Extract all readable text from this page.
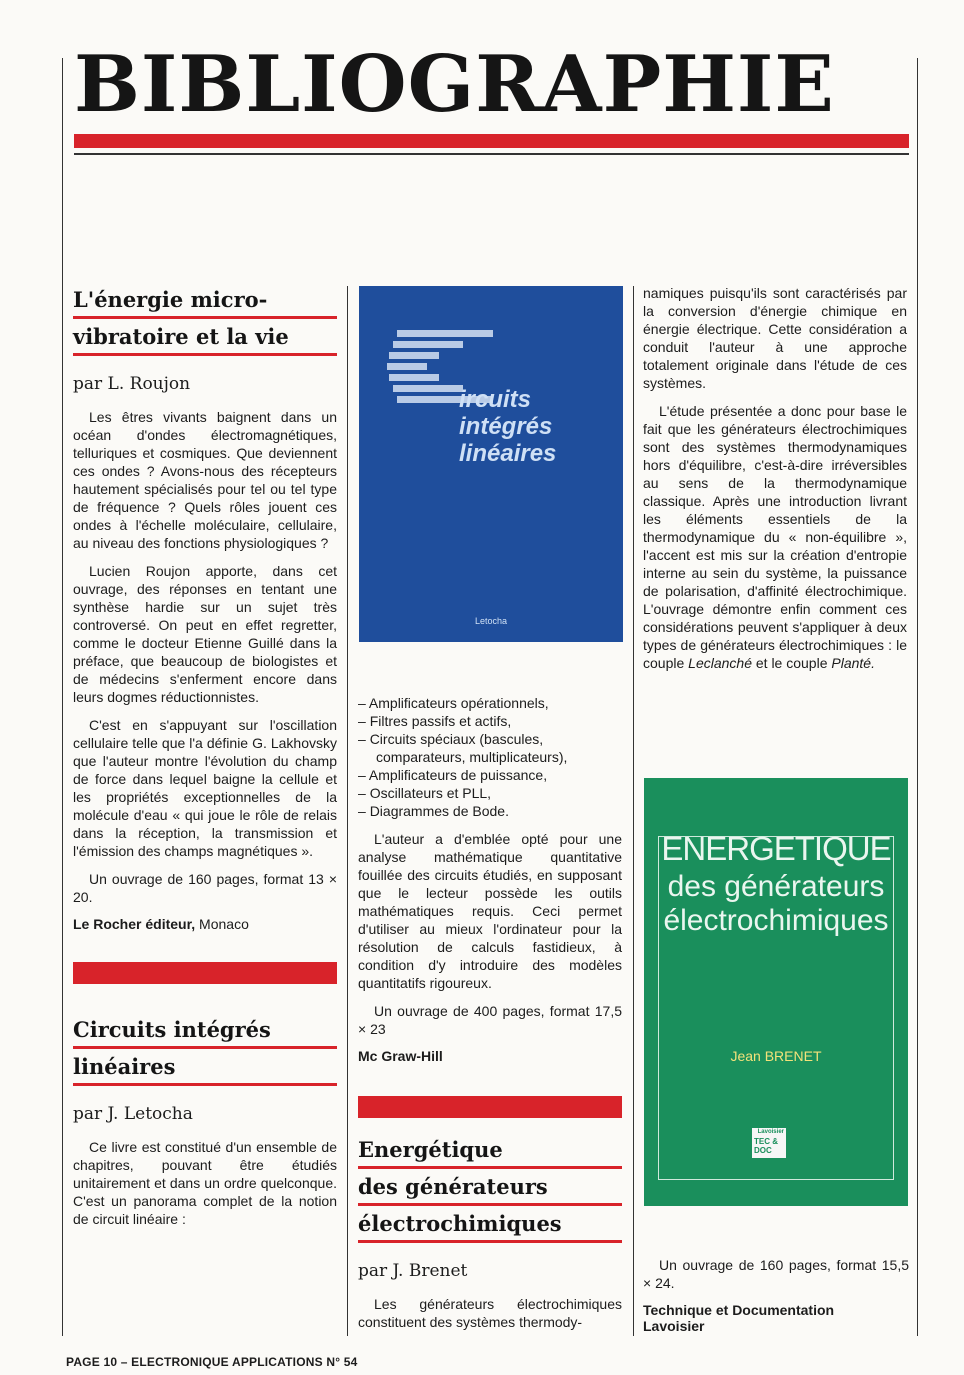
BIBLIOGRAPHIE
L'énergie micro-
vibratoire et la vie
par L. Roujon

Les êtres vivants baignent dans un océan d'ondes électromagnétiques, telluriques et cosmiques. Que deviennent ces ondes ? Avons-nous des récepteurs hautement spécialisés pour tel ou tel type de fréquence ? Quels rôles jouent ces ondes à l'échelle moléculaire, cellulaire, au niveau des fonctions physiologiques ?

Lucien Roujon apporte, dans cet ouvrage, des réponses en tentant une synthèse hardie sur un sujet très controversé. On peut en effet regretter, comme le docteur Etienne Guillé dans la préface, que beaucoup de biologistes et de médecins s'enferment encore dans leurs dogmes réductionnistes.

C'est en s'appuyant sur l'oscillation cellulaire telle que l'a définie G. Lakhovsky que l'auteur montre l'évolution du champ de force dans lequel baigne la cellule et les propriétés exceptionnelles de la molécule d'eau « qui joue le rôle de relais dans la réception, la transmission et l'émission des champs magnétiques ».

Un ouvrage de 160 pages, format 13 × 20.

Le Rocher éditeur, Monaco
Circuits intégrés
linéaires
par J. Letocha

Ce livre est constitué d'un ensemble de chapitres, pouvant être étudiés unitairement et dans un ordre quelconque. C'est un panorama complet de la notion de circuit linéaire :

ircuits
intégrés
linéaires
Letocha
– Amplificateurs opérationnels,
– Filtres passifs et actifs,
– Circuits spéciaux (bascules, comparateurs, multiplicateurs),
– Amplificateurs de puissance,
– Oscillateurs et PLL,
– Diagrammes de Bode.

L'auteur a d'emblée opté pour une analyse mathématique quantitative fouillée des circuits étudiés, en supposant que le lecteur possède les outils mathématiques requis. Ceci permet d'utiliser au mieux l'ordinateur pour la résolution de calculs fastidieux, à condition d'y introduire des modèles quantitatifs rigoureux.

Un ouvrage de 400 pages, format 17,5 × 23

Mc Graw-Hill
Energétique
des générateurs
électrochimiques
par J. Brenet

Les générateurs électrochimiques constituent des systèmes thermody-

namiques puisqu'ils sont caractérisés par la conversion d'énergie chimique en énergie électrique. Cette considération a conduit l'auteur à une approche totalement originale dans l'étude de ces systèmes.

L'étude présentée a donc pour base le fait que les générateurs électrochimiques sont des systèmes thermodynamiques hors d'équilibre, c'est-à-dire irréversibles au sens de la thermodynamique classique. Après une introduction livrant les éléments essentiels de la thermodynamique du « non-équilibre », l'accent est mis sur la création d'entropie interne au sein du système, la puissance de polarisation, d'affinité électrochimique. L'ouvrage démontre enfin comment ces considérations peuvent s'appliquer à deux types de générateurs électrochimiques : le couple Leclanché et le couple Planté.

ENERGETIQUE
des générateurs
électrochimiques
Jean BRENET
Lavoisier
TEC & DOC

Un ouvrage de 160 pages, format 15,5 × 24.

Technique et Documentation
Lavoisier
PAGE 10 – ELECTRONIQUE APPLICATIONS N° 54
